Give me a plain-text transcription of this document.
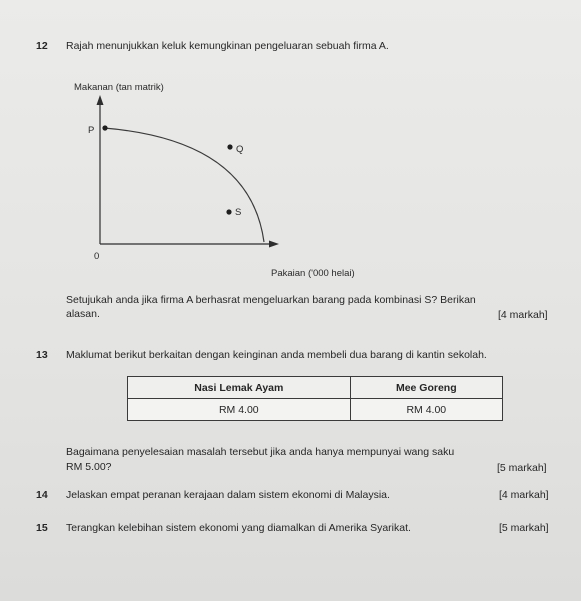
12 Rajah menunjukkan keluk kemungkinan pengeluaran sebuah firma A.
P
Q
S
Makanan (tan matrik)
Pakaian ('000 helai)
0
Setujukah anda jika firma A berhasrat mengeluarkan barang pada kombinasi S? Berikan
alasan.	[4 markah]
13 Maklumat berikut berkaitan dengan keinginan anda membeli dua barang di kantin sekolah.
Nasi Lemak Ayam	Mee Goreng
RM 4.00	RM 4.00
Bagaimana penyelesaian masalah tersebut jika anda hanya mempunyai wang saku
RM 5.00?	[5 markah]
14 Jelaskan empat peranan kerajaan dalam sistem ekonomi di Malaysia.	[4 markah]
15 Terangkan kelebihan sistem ekonomi yang diamalkan di Amerika Syarikat.	[5 markah]
